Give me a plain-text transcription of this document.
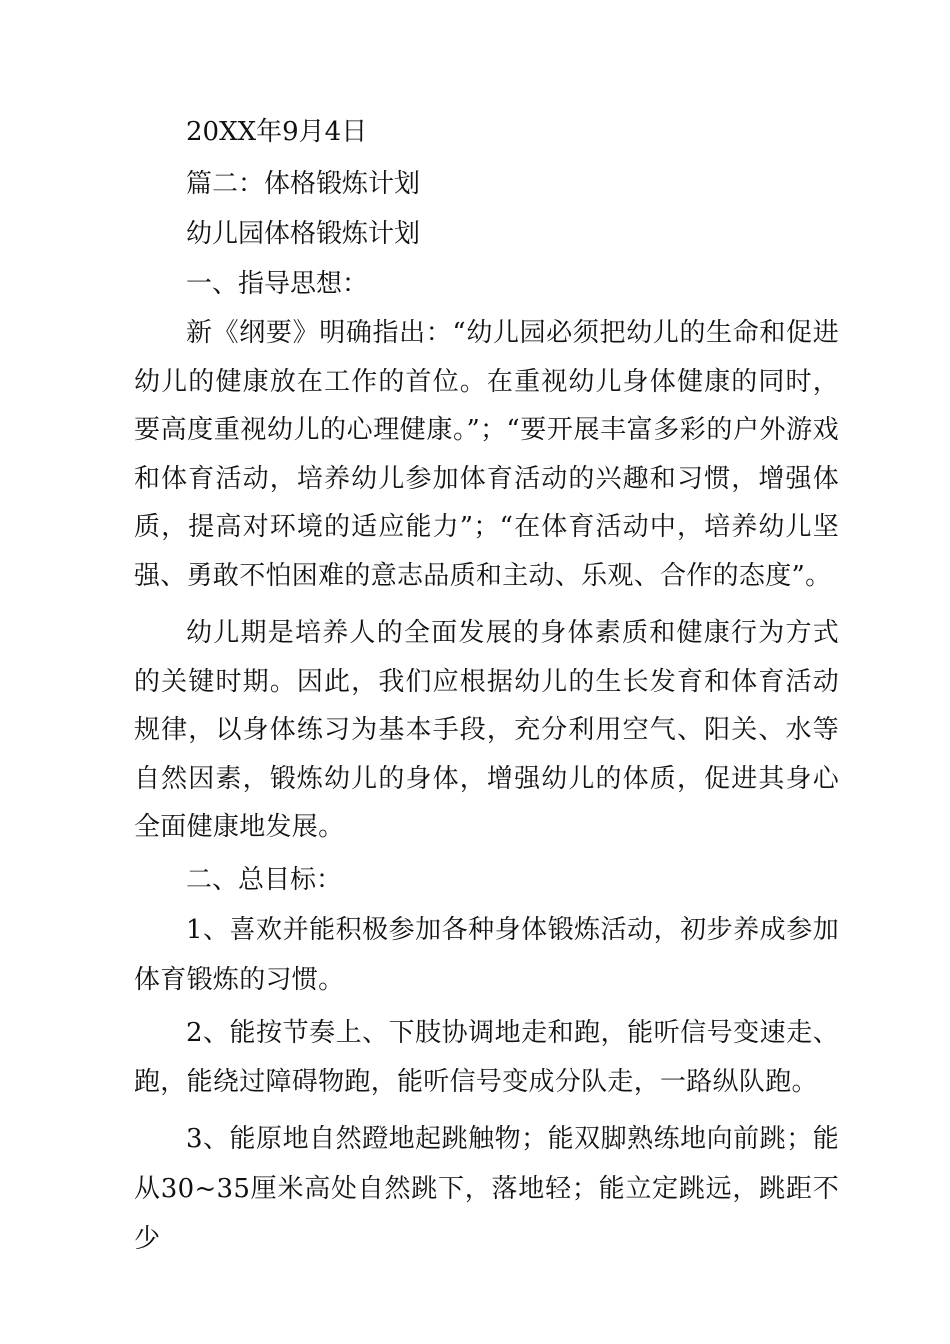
20XX年9月4日

篇二：体格锻炼计划

幼儿园体格锻炼计划

一、指导思想：

新《纲要》明确指出：“幼儿园必须把幼儿的生命和促进幼儿的健康放在工作的首位。在重视幼儿身体健康的同时，要高度重视幼儿的心理健康。”；“要开展丰富多彩的户外游戏和体育活动，培养幼儿参加体育活动的兴趣和习惯，增强体质，提高对环境的适应能力”；“在体育活动中，培养幼儿坚强、勇敢不怕困难的意志品质和主动、乐观、合作的态度”。

幼儿期是培养人的全面发展的身体素质和健康行为方式的关键时期。因此，我们应根据幼儿的生长发育和体育活动规律，以身体练习为基本手段，充分利用空气、阳关、水等自然因素，锻炼幼儿的身体，增强幼儿的体质，促进其身心全面健康地发展。

二、总目标：

1、喜欢并能积极参加各种身体锻炼活动，初步养成参加体育锻炼的习惯。

2、能按节奏上、下肢协调地走和跑，能听信号变速走、跑，能绕过障碍物跑，能听信号变成分队走，一路纵队跑。

3、能原地自然蹬地起跳触物；能双脚熟练地向前跳；能从30~35厘米高处自然跳下，落地轻；能立定跳远，跳距不少
